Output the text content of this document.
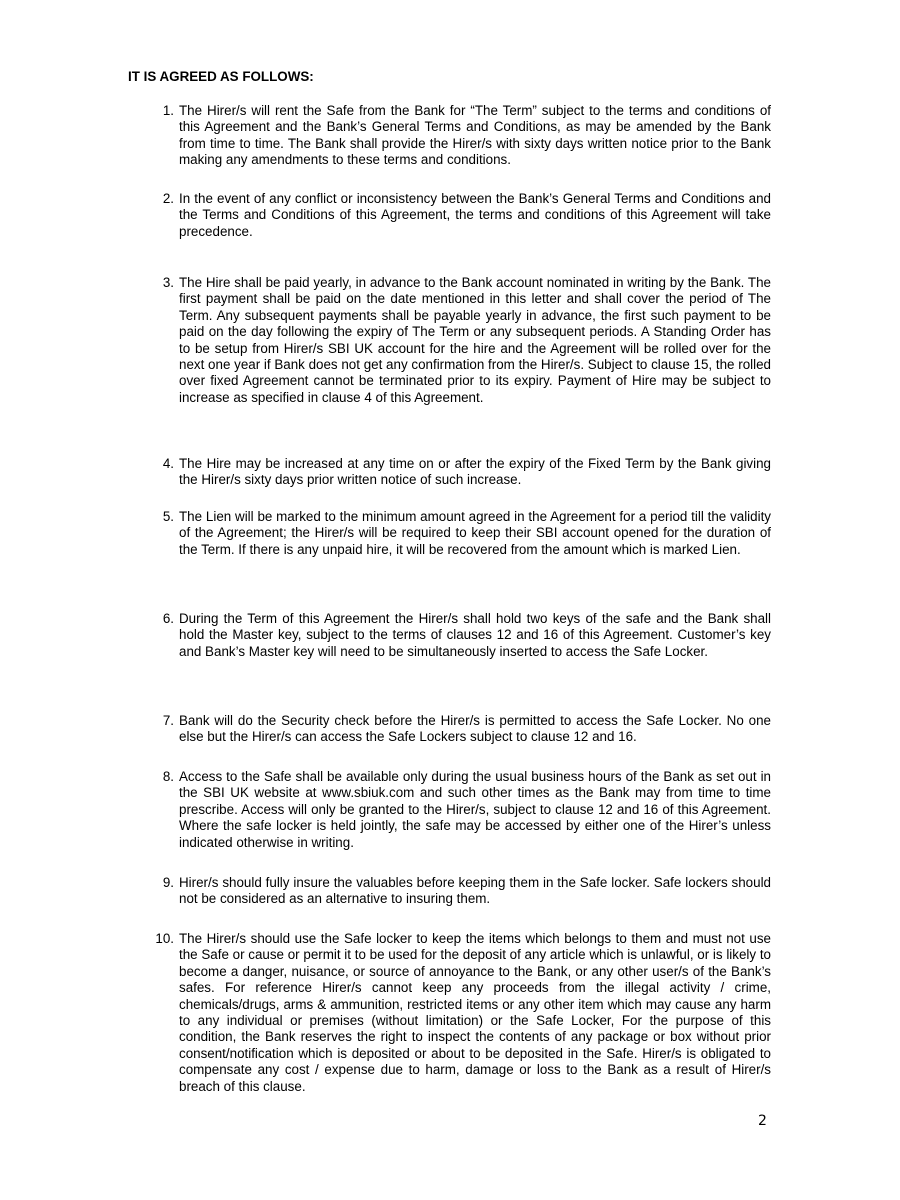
IT IS AGREED AS FOLLOWS:
1. The Hirer/s will rent the Safe from the Bank for “The Term” subject to the terms and conditions of this Agreement and the Bank’s General Terms and Conditions, as may be amended by the Bank from time to time. The Bank shall provide the Hirer/s with sixty days written notice prior to the Bank making any amendments to these terms and conditions.
2. In the event of any conflict or inconsistency between the Bank’s General Terms and Conditions and the Terms and Conditions of this Agreement, the terms and conditions of this Agreement will take precedence.
3. The Hire shall be paid yearly, in advance to the Bank account nominated in writing by the Bank. The first payment shall be paid on the date mentioned in this letter and shall cover the period of The Term. Any subsequent payments shall be payable yearly in advance, the first such payment to be paid on the day following the expiry of The Term or any subsequent periods. A Standing Order has to be setup from Hirer/s SBI UK account for the hire and the Agreement will be rolled over for the next one year if Bank does not get any confirmation from the Hirer/s. Subject to clause 15, the rolled over fixed Agreement cannot be terminated prior to its expiry. Payment of Hire may be subject to increase as specified in clause 4 of this Agreement.
4. The Hire may be increased at any time on or after the expiry of the Fixed Term by the Bank giving the Hirer/s sixty days prior written notice of such increase.
5. The Lien will be marked to the minimum amount agreed in the Agreement for a period till the validity of the Agreement; the Hirer/s will be required to keep their SBI account opened for the duration of the Term. If there is any unpaid hire, it will be recovered from the amount which is marked Lien.
6. During the Term of this Agreement the Hirer/s shall hold two keys of the safe and the Bank shall hold the Master key, subject to the terms of clauses 12 and 16 of this Agreement. Customer’s key and Bank’s Master key will need to be simultaneously inserted to access the Safe Locker.
7. Bank will do the Security check before the Hirer/s is permitted to access the Safe Locker. No one else but the Hirer/s can access the Safe Lockers subject to clause 12 and 16.
8. Access to the Safe shall be available only during the usual business hours of the Bank as set out in the SBI UK website at www.sbiuk.com and such other times as the Bank may from time to time prescribe. Access will only be granted to the Hirer/s, subject to clause 12 and 16 of this Agreement. Where the safe locker is held jointly, the safe may be accessed by either one of the Hirer’s unless indicated otherwise in writing.
9. Hirer/s should fully insure the valuables before keeping them in the Safe locker. Safe lockers should not be considered as an alternative to insuring them.
10. The Hirer/s should use the Safe locker to keep the items which belongs to them and must not use the Safe or cause or permit it to be used for the deposit of any article which is unlawful, or is likely to become a danger, nuisance, or source of annoyance to the Bank, or any other user/s of the Bank’s safes. For reference Hirer/s cannot keep any proceeds from the illegal activity / crime, chemicals/drugs, arms & ammunition, restricted items or any other item which may cause any harm to any individual or premises (without limitation) or the Safe Locker, For the purpose of this condition, the Bank reserves the right to inspect the contents of any package or box without prior consent/notification which is deposited or about to be deposited in the Safe. Hirer/s is obligated to compensate any cost / expense due to harm, damage or loss to the Bank as a result of Hirer/s breach of this clause.
2
